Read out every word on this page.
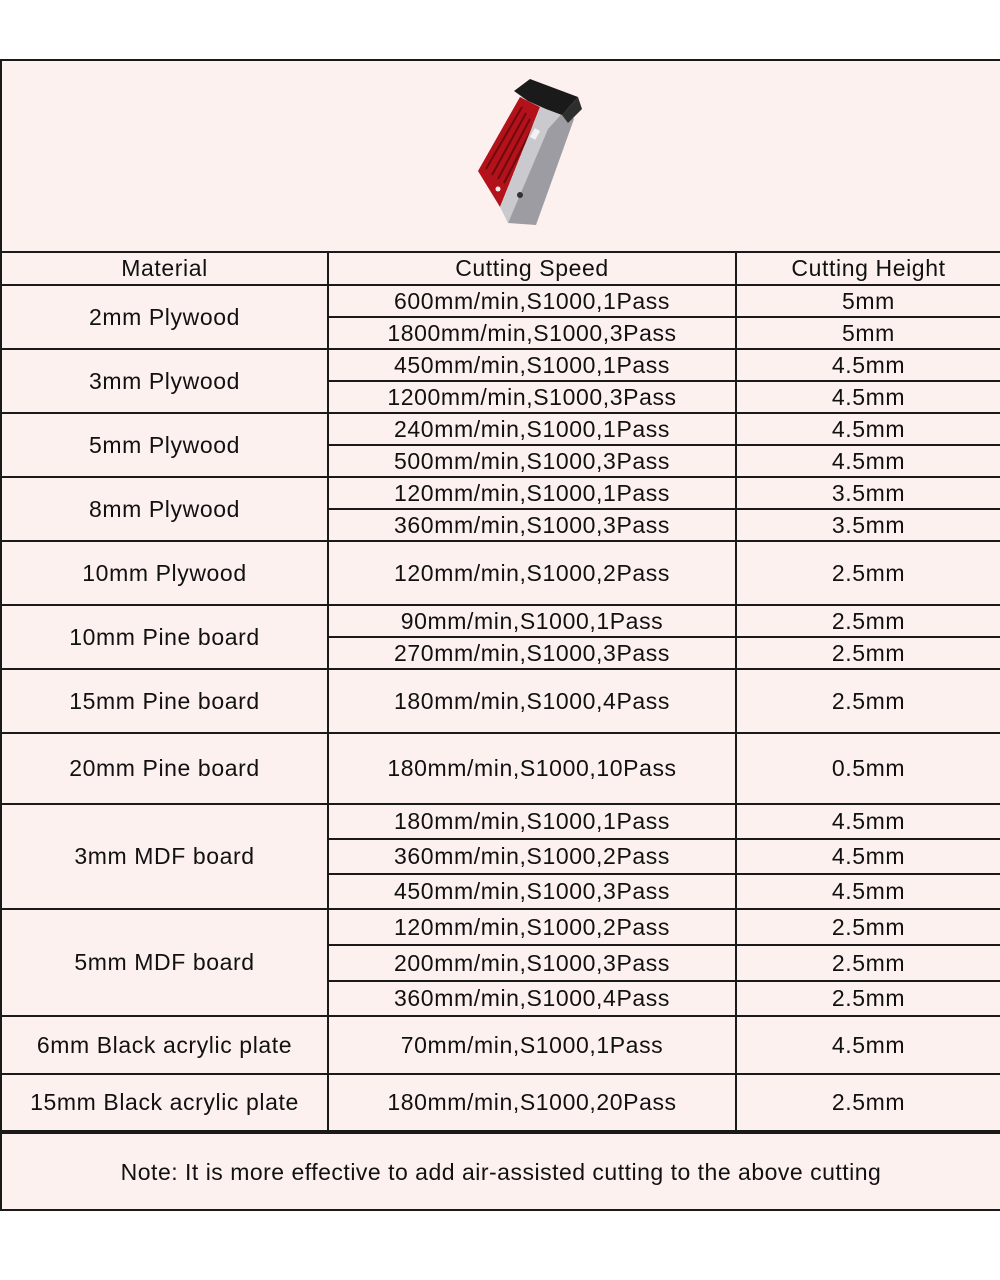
Material	Cutting Speed	Cutting Height
2mm Plywood	600mm/min,S1000,1Pass	5mm
	1800mm/min,S1000,3Pass	5mm
3mm Plywood	450mm/min,S1000,1Pass	4.5mm
	1200mm/min,S1000,3Pass	4.5mm
5mm Plywood	240mm/min,S1000,1Pass	4.5mm
	500mm/min,S1000,3Pass	4.5mm
8mm Plywood	120mm/min,S1000,1Pass	3.5mm
	360mm/min,S1000,3Pass	3.5mm
10mm Plywood	120mm/min,S1000,2Pass	2.5mm
10mm Pine board	90mm/min,S1000,1Pass	2.5mm
	270mm/min,S1000,3Pass	2.5mm
15mm Pine board	180mm/min,S1000,4Pass	2.5mm
20mm Pine board	180mm/min,S1000,10Pass	0.5mm
3mm MDF board	180mm/min,S1000,1Pass	4.5mm
	360mm/min,S1000,2Pass	4.5mm
	450mm/min,S1000,3Pass	4.5mm
5mm MDF board	120mm/min,S1000,2Pass	2.5mm
	200mm/min,S1000,3Pass	2.5mm
	360mm/min,S1000,4Pass	2.5mm
6mm Black acrylic plate	70mm/min,S1000,1Pass	4.5mm
15mm Black acrylic plate	180mm/min,S1000,20Pass	2.5mm
Note: It is more effective to add air-assisted cutting to the above cutting
